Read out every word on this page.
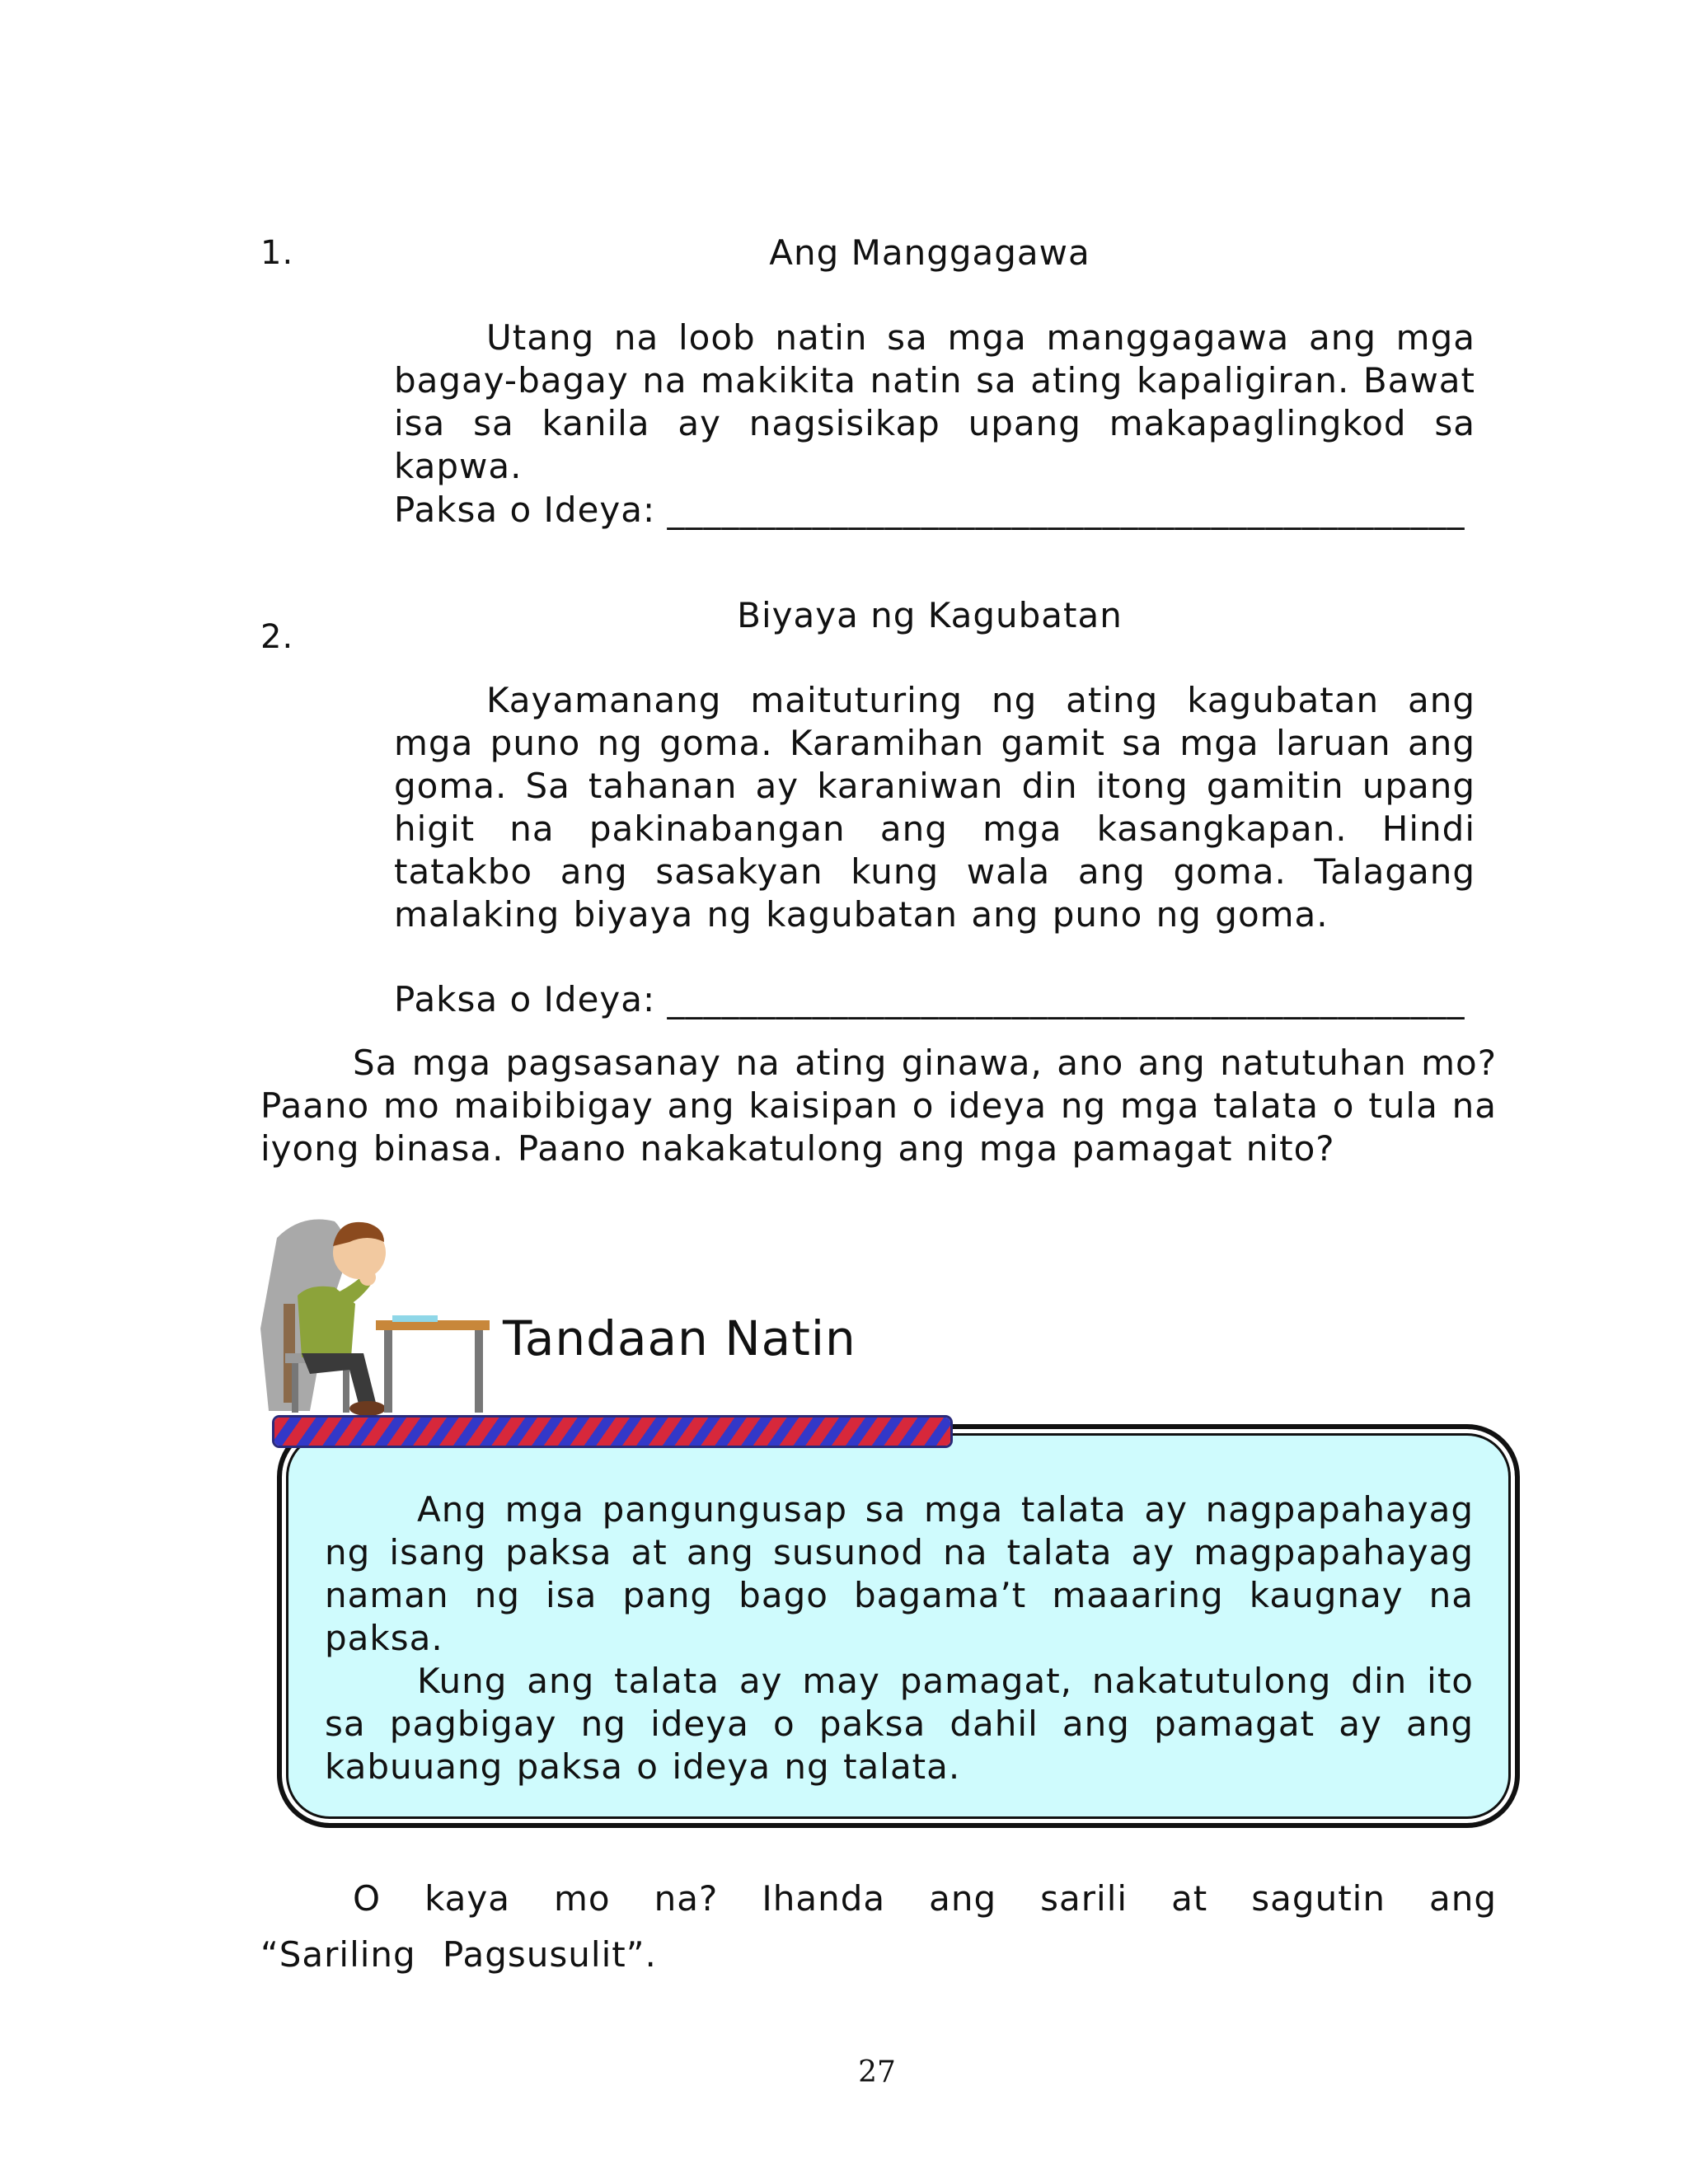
1.	Ang Manggagawa
Utang na loob natin sa mga manggagawa ang mga bagay-bagay na makikita natin sa ating kapaligiran. Bawat isa sa kanila ay nagsisikap upang makapaglingkod sa kapwa.
Paksa o Ideya: ____________________________________________
2.
Biyaya ng Kagubatan
Kayamanang maituturing ng ating kagubatan ang mga puno ng goma. Karamihan gamit sa mga laruan ang goma. Sa tahanan ay karaniwan din itong gamitin upang higit na pakinabangan ang mga kasangkapan. Hindi tatakbo ang sasakyan kung wala ang goma. Talagang malaking biyaya ng kagubatan ang puno ng goma.
Paksa o Ideya: ____________________________________________
Sa mga pagsasanay na ating ginawa, ano ang natutuhan mo? Paano mo maibibigay ang kaisipan o ideya ng mga talata o tula na iyong binasa. Paano nakakatulong ang mga pamagat nito?
Tandaan Natin
Ang mga pangungusap sa mga talata ay nagpapahayag ng isang paksa at ang susunod na talata ay magpapahayag naman ng isa pang bago bagama’t maaaring kaugnay na paksa.
Kung ang talata ay may pamagat, nakatutulong din ito sa pagbigay ng ideya o paksa dahil ang pamagat ay ang kabuuang paksa o ideya ng talata.
O kaya mo na? Ihanda ang sarili at sagutin ang “Sariling Pagsusulit”.
27
